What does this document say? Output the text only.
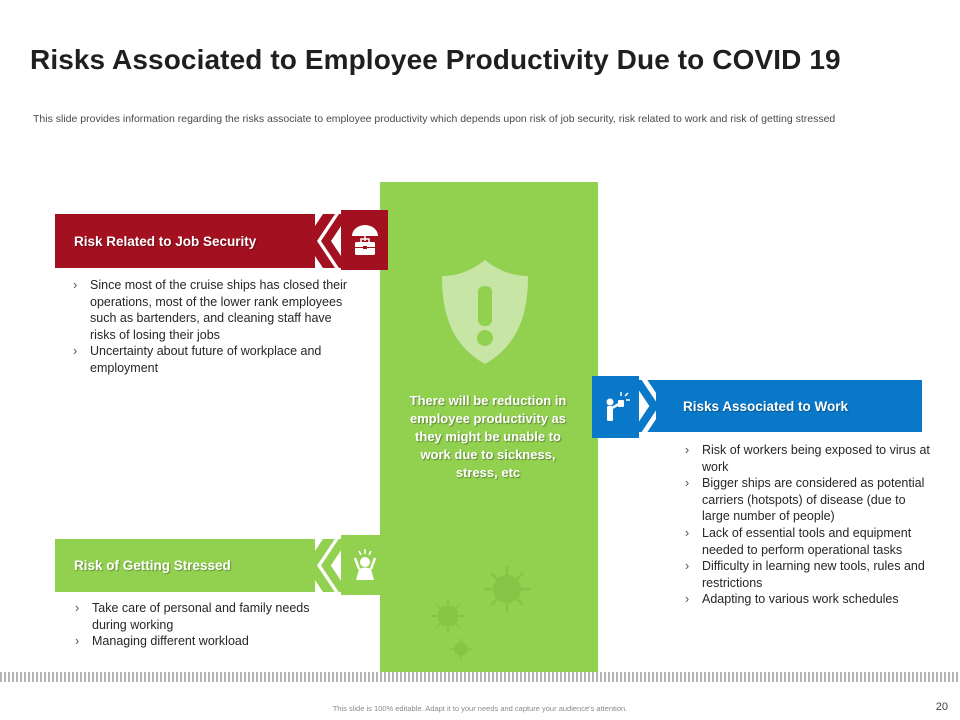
Risks Associated to Employee Productivity Due to COVID 19
This slide provides information regarding the risks associate to employee productivity which depends upon risk of job security, risk related to work and risk of getting stressed
There will be reduction in employee productivity as they might be unable to work due to sickness, stress, etc
Risk Related to Job Security
› Since most of the cruise ships has closed their operations, most of the lower rank employees such as bartenders, and cleaning staff have risks of losing their jobs
› Uncertainty about future of workplace and employment
Risk of Getting Stressed
› Take care of personal and family needs during working
› Managing different workload
Risks Associated to Work
› Risk of workers being exposed to virus at work
› Bigger ships are considered as potential carriers (hotspots) of disease (due to large number of people)
› Lack of essential tools and equipment needed to perform operational tasks
› Difficulty in learning new tools, rules and restrictions
› Adapting to various work schedules
This slide is 100% editable. Adapt it to your needs and capture your audience's attention.	20
